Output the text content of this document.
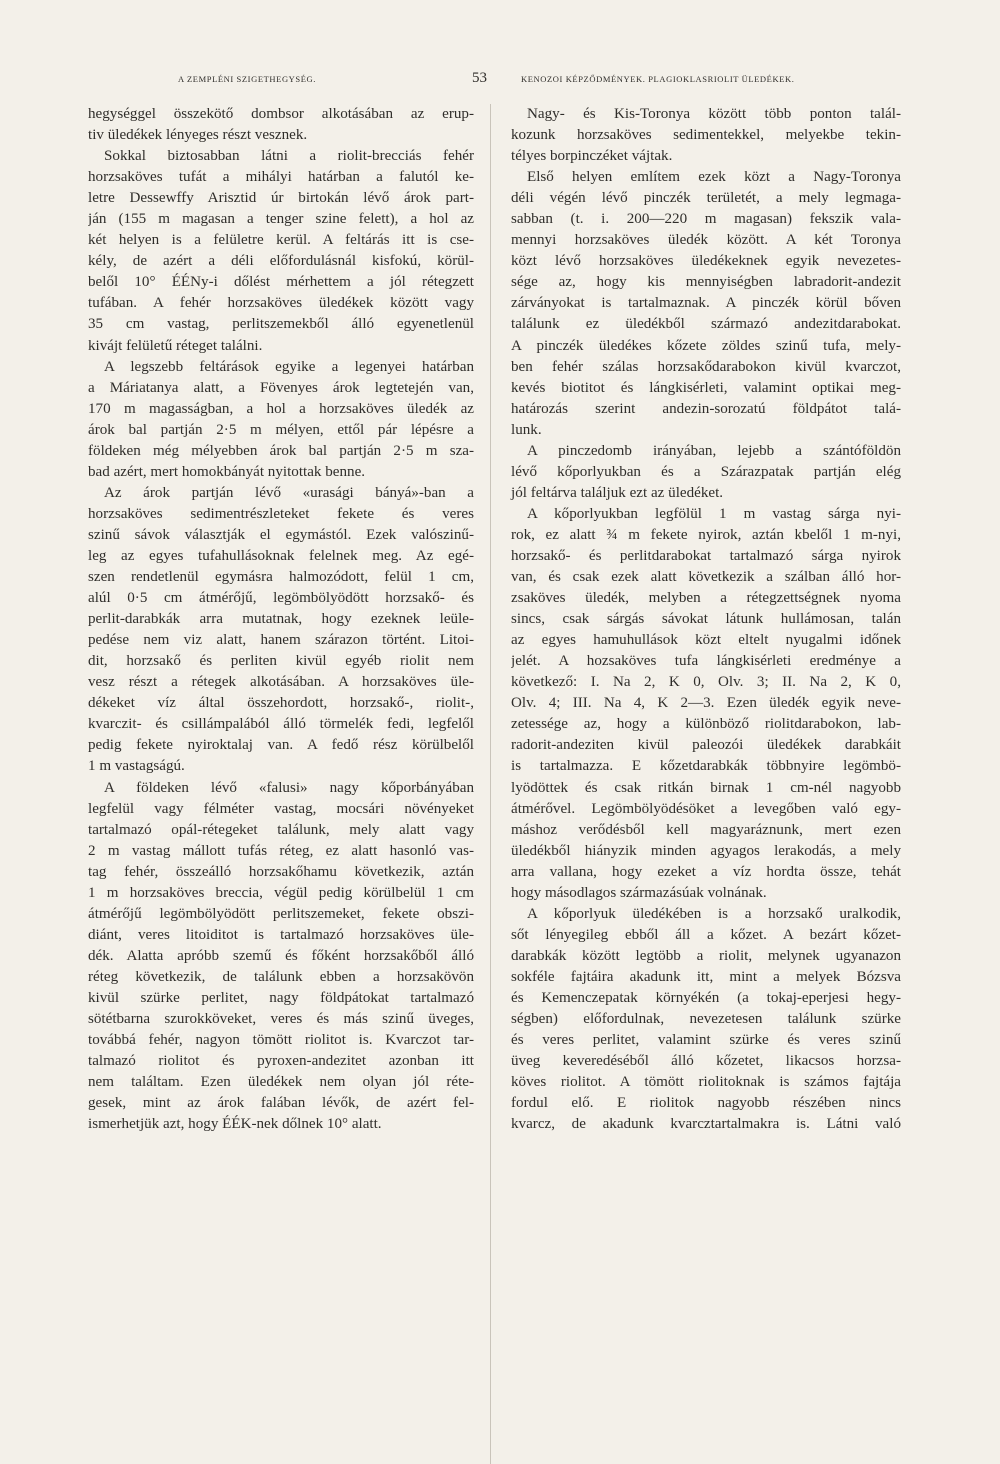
A ZEMPLÉNI SZIGETHEGYSÉG.	53	KENOZOI KÉPZŐDMÉNYEK. PLAGIOKLASRIOLIT ÜLEDÉKEK.
hegységgel összekötő dombsor alkotásában az erup-
tiv üledékek lényeges részt vesznek.
Sokkal biztosabban látni a riolit-brecciás fehér
horzsaköves tufát a mihályi határban a falutól ke-
letre Dessewffy Arisztid úr birtokán lévő árok part-
ján (155 m magasan a tenger szine felett), a hol az
két helyen is a felületre kerül. A feltárás itt is cse-
kély, de azért a déli előfordulásnál kisfokú, körül-
belől 10° ÉÉNy-i dőlést mérhettem a jól rétegzett
tufában. A fehér horzsaköves üledékek között vagy
35 cm vastag, perlitszemekből álló egyenetlenül
kivájt felületű réteget találni.
A legszebb feltárások egyike a legenyei határban
a Máriatanya alatt, a Fövenyes árok legtetején van,
170 m magasságban, a hol a horzsaköves üledék az
árok bal partján 2·5 m mélyen, ettől pár lépésre a
földeken még mélyebben árok bal partján 2·5 m sza-
bad azért, mert homokbányát nyitottak benne.
Az árok partján lévő «urasági bányá»-ban a
horzsaköves sedimentrészleteket fekete és veres
szinű sávok választják el egymástól. Ezek valószinű-
leg az egyes tufahullásoknak felelnek meg. Az egé-
szen rendetlenül egymásra halmozódott, felül 1 cm,
alúl 0·5 cm átmérőjű, legömbölyödött horzsakő- és
perlit-darabkák arra mutatnak, hogy ezeknek leüle-
pedése nem viz alatt, hanem szárazon történt. Litoi-
dit, horzsakő és perliten kivül egyéb riolit nem
vesz részt a rétegek alkotásában. A horzsaköves üle-
dékeket víz által összehordott, horzsakő-, riolit-,
kvarczit- és csillámpalából álló törmelék fedi, legfelől
pedig fekete nyiroktalaj van. A fedő rész körülbelől
1 m vastagságú.
A földeken lévő «falusi» nagy kőporbányában
legfelül vagy félméter vastag, mocsári növényeket
tartalmazó opál-rétegeket találunk, mely alatt vagy
2 m vastag mállott tufás réteg, ez alatt hasonló vas-
tag fehér, összeálló horzsakőhamu következik, aztán
1 m horzsaköves breccia, végül pedig körülbelül 1 cm
átmérőjű legömbölyödött perlitszemeket, fekete obszi-
diánt, veres litoiditot is tartalmazó horzsaköves üle-
dék. Alatta apróbb szemű és főként horzsakőből álló
réteg következik, de találunk ebben a horzsakövön
kivül szürke perlitet, nagy földpátokat tartalmazó
sötétbarna szurokköveket, veres és más szinű üveges,
továbbá fehér, nagyon tömött riolitot is. Kvarczot tar-
talmazó riolitot és pyroxen-andezitet azonban itt
nem találtam. Ezen üledékek nem olyan jól réte-
gesek, mint az árok falában lévők, de azért fel-
ismerhetjük azt, hogy ÉÉK-nek dőlnek 10° alatt.
Nagy- és Kis-Toronya között több ponton talál-
kozunk horzsaköves sedimentekkel, melyekbe tekin-
télyes borpinczéket vájtak.
Első helyen említem ezek közt a Nagy-Toronya
déli végén lévő pinczék területét, a mely legmaga-
sabban (t. i. 200—220 m magasan) fekszik vala-
mennyi horzsaköves üledék között. A két Toronya
közt lévő horzsaköves üledékeknek egyik nevezetes-
sége az, hogy kis mennyiségben labradorit-andezit
zárványokat is tartalmaznak. A pinczék körül bőven
találunk ez üledékből származó andezitdarabokat.
A pinczék üledékes kőzete zöldes szinű tufa, mely-
ben fehér szálas horzsakődarabokon kivül kvarczot,
kevés biotitot és lángkisérleti, valamint optikai meg-
határozás szerint andezin-sorozatú földpátot talá-
lunk.
A pinczedomb irányában, lejebb a szántóföldön
lévő kőporlyukban és a Szárazpatak partján elég
jól feltárva találjuk ezt az üledéket.
A kőporlyukban legfölül 1 m vastag sárga nyi-
rok, ez alatt ¾ m fekete nyirok, aztán kbelől 1 m-nyi,
horzsakő- és perlitdarabokat tartalmazó sárga nyirok
van, és csak ezek alatt következik a szálban álló hor-
zsaköves üledék, melyben a rétegzettségnek nyoma
sincs, csak sárgás sávokat látunk hullámosan, talán
az egyes hamuhullások közt eltelt nyugalmi időnek
jelét. A hozsaköves tufa lángkisérleti eredménye a
következő: I. Na 2, K 0, Olv. 3; II. Na 2, K 0,
Olv. 4; III. Na 4, K 2—3. Ezen üledék egyik neve-
zetessége az, hogy a különböző riolitdarabokon, lab-
radorit-andeziten kivül paleozói üledékek darabkáit
is tartalmazza. E kőzetdarabkák többnyire legömbö-
lyödöttek és csak ritkán birnak 1 cm-nél nagyobb
átmérővel. Legömbölyödésöket a levegőben való egy-
máshoz verődésből kell magyaráznunk, mert ezen
üledékből hiányzik minden agyagos lerakodás, a mely
arra vallana, hogy ezeket a víz hordta össze, tehát
hogy másodlagos származásúak volnának.
A kőporlyuk üledékében is a horzsakő uralkodik,
sőt lényegileg ebből áll a kőzet. A bezárt kőzet-
darabkák között legtöbb a riolit, melynek ugyanazon
sokféle fajtáira akadunk itt, mint a melyek Bózsva
és Kemenczepatak környékén (a tokaj-eperjesi hegy-
ségben) előfordulnak, nevezetesen találunk szürke
és veres perlitet, valamint szürke és veres szinű
üveg keveredéséből álló kőzetet, likacsos horzsa-
köves riolitot. A tömött riolitoknak is számos fajtája
fordul elő. E riolitok nagyobb részében nincs
kvarcz, de akadunk kvarcztartalmakra is. Látni való
